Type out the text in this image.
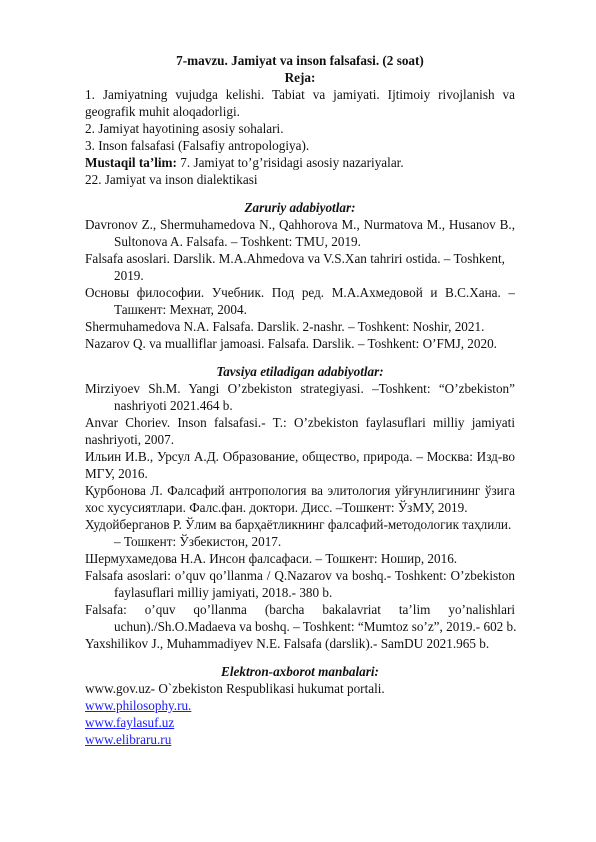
7-mavzu. Jamiyat va inson falsafasi. (2 soat)
Reja:
1. Jamiyatning vujudga kelishi. Tabiat va jamiyati. Ijtimoiy rivojlanish va
geografik muhit aloqadorligi.
2. Jamiyat hayotining asosiy sohalari.
3. Inson falsafasi (Falsafiy antropologiya).
Mustaqil ta’lim: 7. Jamiyat to’g’risidagi asosiy nazariyalar.
22. Jamiyat va inson dialektikasi
Zaruriy adabiyotlar:
Davronov Z., Shermuhamedova N., Qahhorova M., Nurmatova M., Husanov B.,
Sultonova A. Falsafa. – Toshkent: TMU, 2019.
Falsafa asoslari. Darslik. M.A.Ahmedova va V.S.Xan tahriri ostida. – Toshkent,
2019.
Основы философии. Учебник. Под ред. М.А.Ахмедовой и В.С.Хана. –
Ташкент: Мехнат, 2004.
Shermuhamedova N.A. Falsafa. Darslik. 2-nashr. – Toshkent: Noshir, 2021.
Nazarov Q. va mualliflar jamoasi. Falsafa. Darslik. – Toshkent: O’FMJ, 2020.
Tavsiya etiladigan adabiyotlar:
Mirziyoev Sh.M. Yangi O’zbekiston strategiyasi. –Toshkent: “O’zbekiston”
nashriyoti 2021.464 b.
Anvar Choriev. Inson falsafasi.- T.: O’zbekiston faylasuflari milliy jamiyati
nashriyoti, 2007.
Ильин И.В., Урсул А.Д. Образование, общество, природа. – Москва: Изд-во
МГУ, 2016.
Қурбонова Л. Фалсафий антропология ва элитология уйғунлигининг ўзига
хос хусусиятлари. Фалс.фан. доктори. Дисс. –Тошкент: ЎзМУ, 2019.
Худойберганов Р. Ўлим ва барҳаётликнинг фалсафий-методологик таҳлили.
– Тошкент: Ўзбекистон, 2017.
Шермухамедова Н.А. Инсон фалсафаси. – Тошкент: Ношир, 2016.
Falsafa asoslari: o’quv qo’llanma / Q.Nazarov va boshq.- Toshkent: O’zbekiston
faylasuflari milliy jamiyati, 2018.- 380 b.
Falsafa: o’quv qo’llanma (barcha bakalavriat ta’lim yo’nalishlari
uchun)./Sh.O.Madaeva va boshq. – Toshkent: “Mumtoz so’z”, 2019.- 602 b.
Yaxshilikov J., Muhammadiyev N.E. Falsafa (darslik).- SamDU 2021.965 b.
Elektron-axborot manbalari:
www.gov.uz- O`zbekiston Respublikasi hukumat portali.
www.philosophy.ru.
www.faylasuf.uz
www.elibraru.ru
